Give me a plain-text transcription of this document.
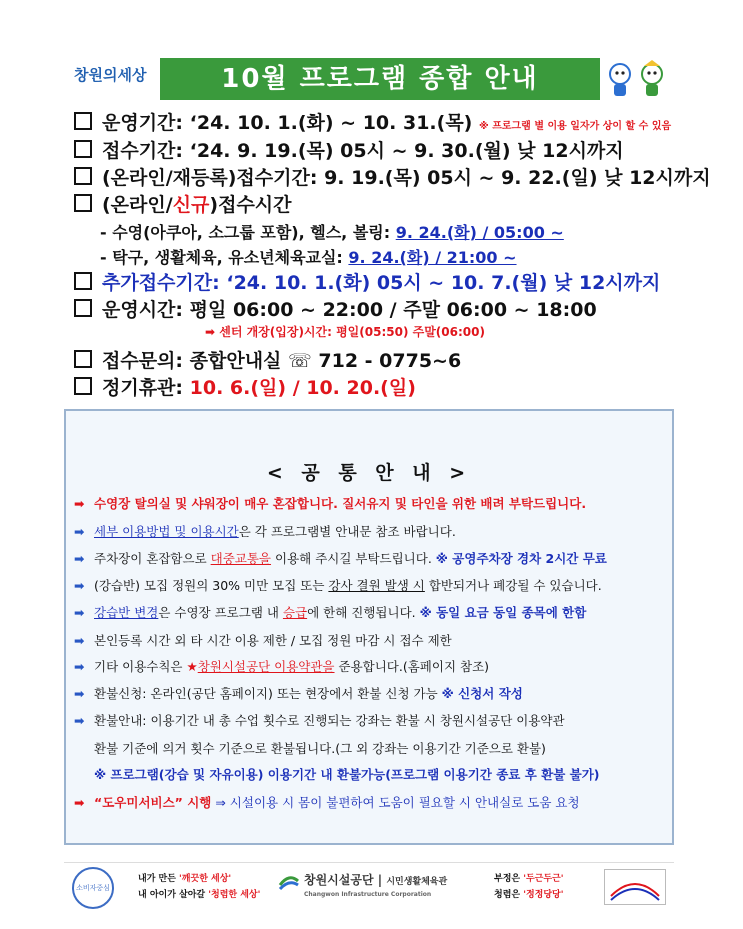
창원의세상	10월 프로그램 종합 안내
운영기간: ‘24. 10. 1.(화) ~ 10. 31.(목) ※ 프로그램 별 이용 일자가 상이 할 수 있음
접수기간: ‘24. 9. 19.(목) 05시 ~ 9. 30.(월) 낮 12시까지
(온라인/재등록)접수기간: 9. 19.(목) 05시 ~ 9. 22.(일) 낮 12시까지
(온라인/신규)접수시간
- 수영(아쿠아, 소그룹 포함), 헬스, 볼링: 9. 24.(화) / 05:00 ~
- 탁구, 생활체육, 유소년체육교실: 9. 24.(화) / 21:00 ~
추가접수기간: ‘24. 10. 1.(화) 05시 ~ 10. 7.(월) 낮 12시까지
운영시간: 평일 06:00 ~ 22:00 / 주말 06:00 ~ 18:00
➡ 센터 개장(입장)시간: 평일(05:50) 주말(06:00)
접수문의: 종합안내실 ☏ 712 - 0775~6
정기휴관: 10. 6.(일) / 10. 20.(일)
< 공 통 안 내 >
➡ 수영장 탈의실 및 샤워장이 매우 혼잡합니다. 질서유지 및 타인을 위한 배려 부탁드립니다.
➡ 세부 이용방법 및 이용시간은 각 프로그램별 안내문 참조 바랍니다.
➡ 주차장이 혼잡함으로 대중교통을 이용해 주시길 부탁드립니다. ※ 공영주차장 경차 2시간 무료
➡ (강습반) 모집 정원의 30% 미만 모집 또는 강사 결원 발생 시 합반되거나 폐강될 수 있습니다.
➡ 강습반 변경은 수영장 프로그램 내 승급에 한해 진행됩니다. ※ 동일 요금 동일 종목에 한함
➡ 본인등록 시간 외 타 시간 이용 제한 / 모집 정원 마감 시 접수 제한
➡ 기타 이용수칙은 ★창원시설공단 이용약관을 준용합니다.(홈페이지 참조)
➡ 환불신청: 온라인(공단 홈페이지) 또는 현장에서 환불 신청 가능 ※ 신청서 작성
➡ 환불안내: 이용기간 내 총 수업 횟수로 진행되는 강좌는 환불 시 창원시설공단 이용약관
환불 기준에 의거 횟수 기준으로 환불됩니다.(그 외 강좌는 이용기간 기준으로 환불)
※ 프로그램(강습 및 자유이용) 이용기간 내 환불가능(프로그램 이용기간 종료 후 환불 불가)
➡ “도우미서비스” 시행 ⇒ 시설이용 시 몸이 불편하여 도움이 필요할 시 안내실로 도움 요청
소비자중심
내가 만든 '깨끗한 세상'
내 아이가 살아갈 '청렴한 세상'
창원시설공단 | 시민생활체육관
Changwon Infrastructure Corporation
부정은 '두근두근'
청렴은 '정정당당'
